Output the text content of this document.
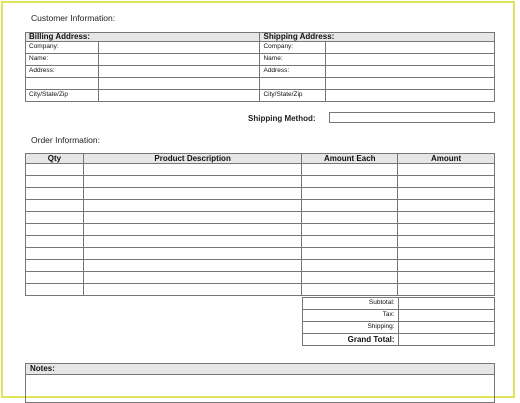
Customer Information:
Billing Address:		Shipping Address:	
Company:		Company:	
Name:		Name:	
Address:		Address:	

City/State/Zip		City/State/Zip	
Shipping Method:
Order Information:
Qty	Product Description	Amount Each	Amount

Subtotal:	
Tax:	
Shipping:	
Grand Total:	
Notes:
